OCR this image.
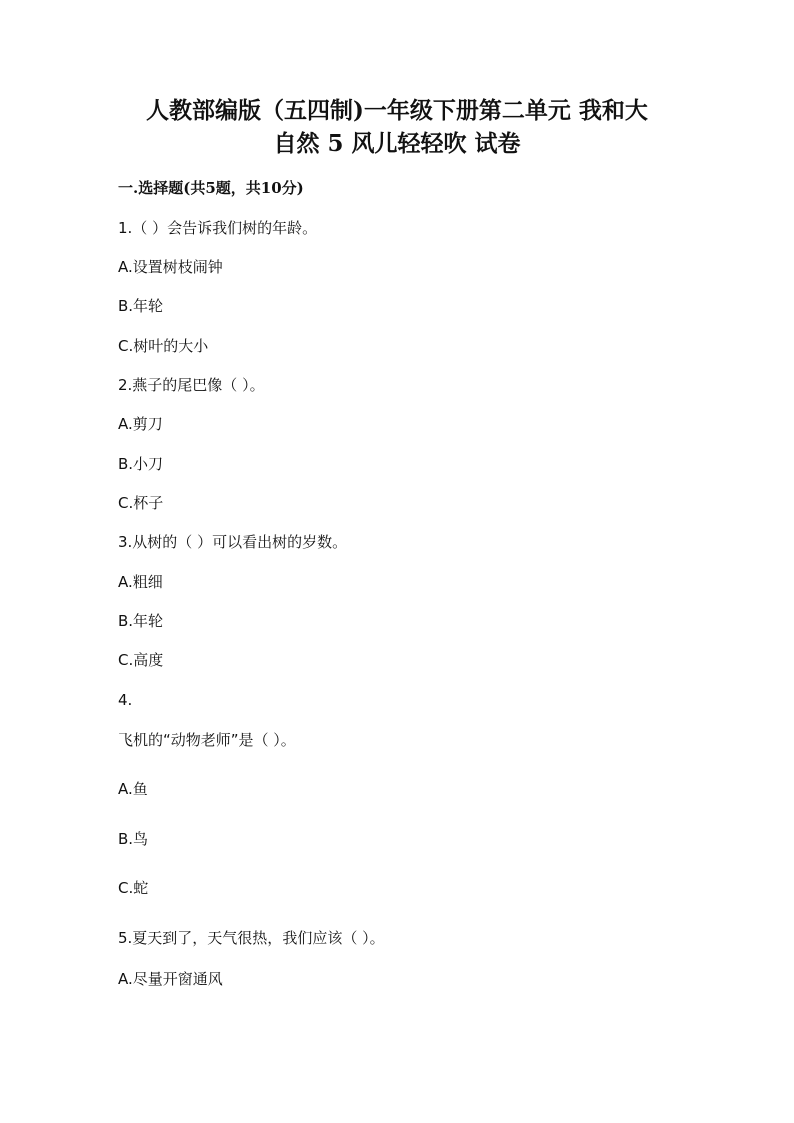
人教部编版（五四制)一年级下册第二单元 我和大
自然 5 风儿轻轻吹 试卷
一.选择题(共5题，共10分)
1.（ ）会告诉我们树的年龄。
A.设置树枝闹钟
B.年轮
C.树叶的大小
2.燕子的尾巴像（ ）。
A.剪刀
B.小刀
C.杯子
3.从树的（ ）可以看出树的岁数。
A.粗细
B.年轮
C.高度
4.
飞机的“动物老师”是（ ）。
A.鱼
B.鸟
C.蛇
5.夏天到了，天气很热，我们应该（ ）。
A.尽量开窗通风
